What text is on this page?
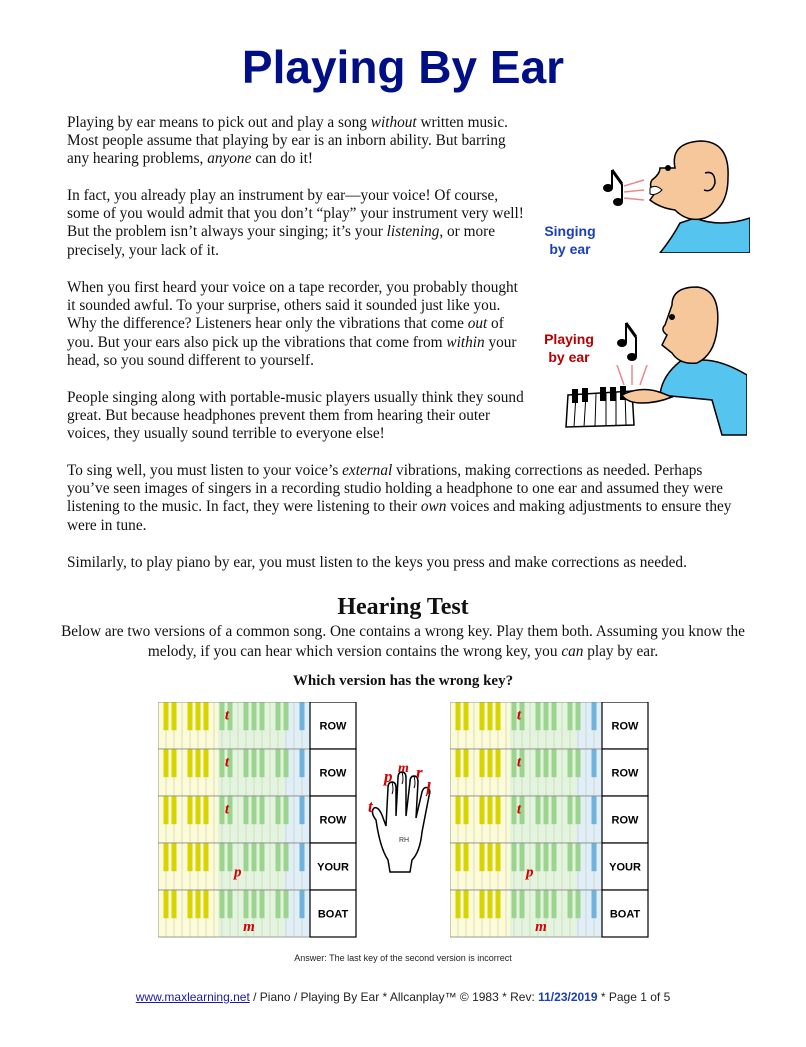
Playing By Ear

Playing by ear means to pick out and play a song without written music. Most people assume that playing by ear is an inborn ability. But barring any hearing problems, anyone can do it!

In fact, you already play an instrument by ear—your voice! Of course, some of you would admit that you don’t “play” your instrument very well! But the problem isn’t always your singing; it’s your listening, or more precisely, your lack of it.

When you first heard your voice on a tape recorder, you probably thought it sounded awful. To your surprise, others said it sounded just like you. Why the difference? Listeners hear only the vibrations that come out of you. But your ears also pick up the vibrations that come from within your head, so you sound different to yourself.

People singing along with portable-music players usually think they sound great. But because headphones prevent them from hearing their outer voices, they usually sound terrible to everyone else!

To sing well, you must listen to your voice’s external vibrations, making corrections as needed. Perhaps you’ve seen images of singers in a recording studio holding a headphone to one ear and assumed they were listening to the music. In fact, they were listening to their own voices and making adjustments to ensure they were in tune.

Similarly, to play piano by ear, you must listen to the keys you press and make corrections as needed.

Singing
by ear
Playing
by ear
Hearing Test

Below are two versions of a common song. One contains a wrong key. Play them both. Assuming you know the melody, if you can hear which version contains the wrong key, you can play by ear.

Which version has the wrong key?

ROW
t
ROW
t
ROW
t
YOUR
p
BOAT
m
RH
t
p m r
l
ROW
t
ROW
t
ROW
t
YOUR
p
BOAT
m
Answer: The last key of the second version is incorrect
www.maxlearning.net / Piano / Playing By Ear * Allcanplay™ © 1983 * Rev: 11/23/2019 * Page 1 of 5
